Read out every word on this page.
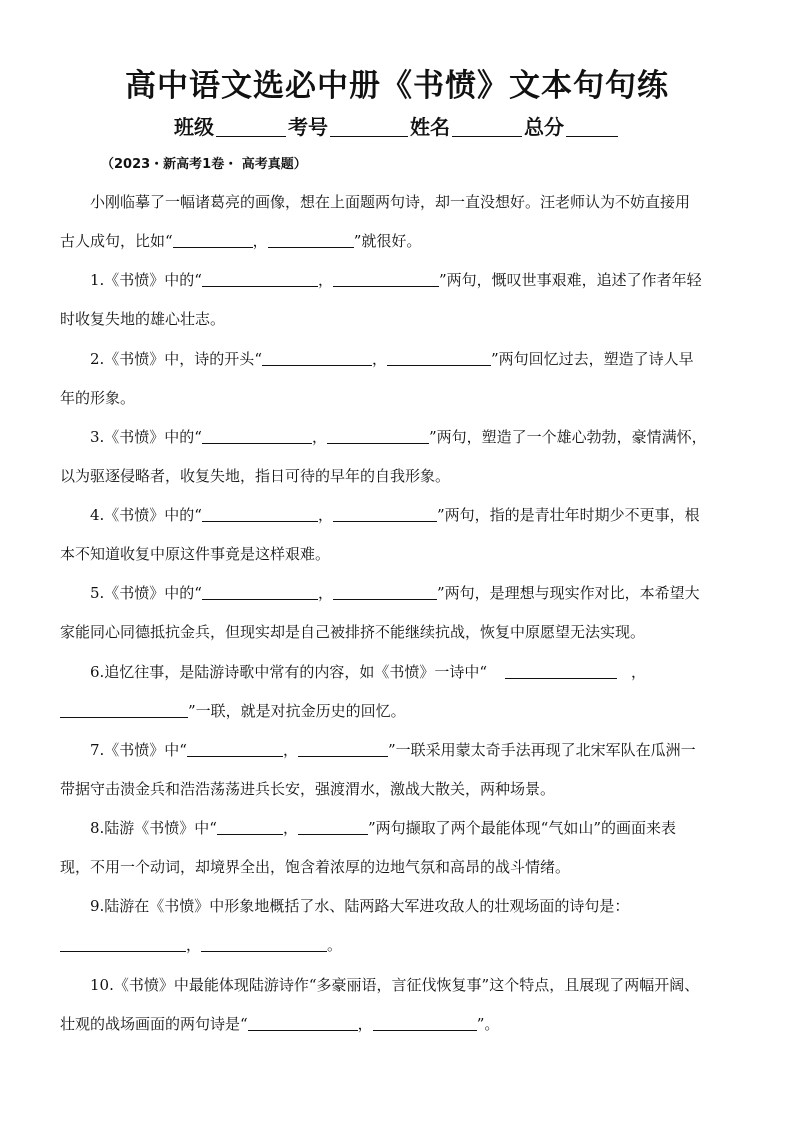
高中语文选必中册《书愤》文本句句练
班级	考号	姓名	总分
（2023・新高考1卷・ 高考真题）
小刚临摹了一幅诸葛亮的画像，想在上面题两句诗，却一直没想好。汪老师认为不妨直接用
古人成句，比如“	，	”就很好。
1.《书愤》中的“	，	”两句，慨叹世事艰难，追述了作者年轻
时收复失地的雄心壮志。
2.《书愤》中，诗的开头“	，	”两句回忆过去，塑造了诗人早
年的形象。
3.《书愤》中的“	，	”两句，塑造了一个雄心勃勃，豪情满怀，
以为驱逐侵略者，收复失地，指日可待的早年的自我形象。
4.《书愤》中的“	，	”两句，指的是青壮年时期少不更事，根
本不知道收复中原这件事竟是这样艰难。
5.《书愤》中的“	，	”两句，是理想与现实作对比，本希望大
家能同心同德抵抗金兵，但现实却是自己被排挤不能继续抗战，恢复中原愿望无法实现。
6.追忆往事，是陆游诗歌中常有的内容，如《书愤》一诗中“	，
”一联，就是对抗金历史的回忆。
7.《书愤》中“	，	”一联采用蒙太奇手法再现了北宋军队在瓜洲一
带据守击溃金兵和浩浩荡荡进兵长安，强渡渭水，激战大散关，两种场景。
8.陆游《书愤》中“	，	”两句撷取了两个最能体现“气如山”的画面来表
现，不用一个动词，却境界全出，饱含着浓厚的边地气氛和高昂的战斗情绪。
9.陆游在《书愤》中形象地概括了水、陆两路大军进攻敌人的壮观场面的诗句是：
，	。
10.《书愤》中最能体现陆游诗作“多豪丽语，言征伐恢复事”这个特点，且展现了两幅开阔、
壮观的战场画面的两句诗是“	，	”。
